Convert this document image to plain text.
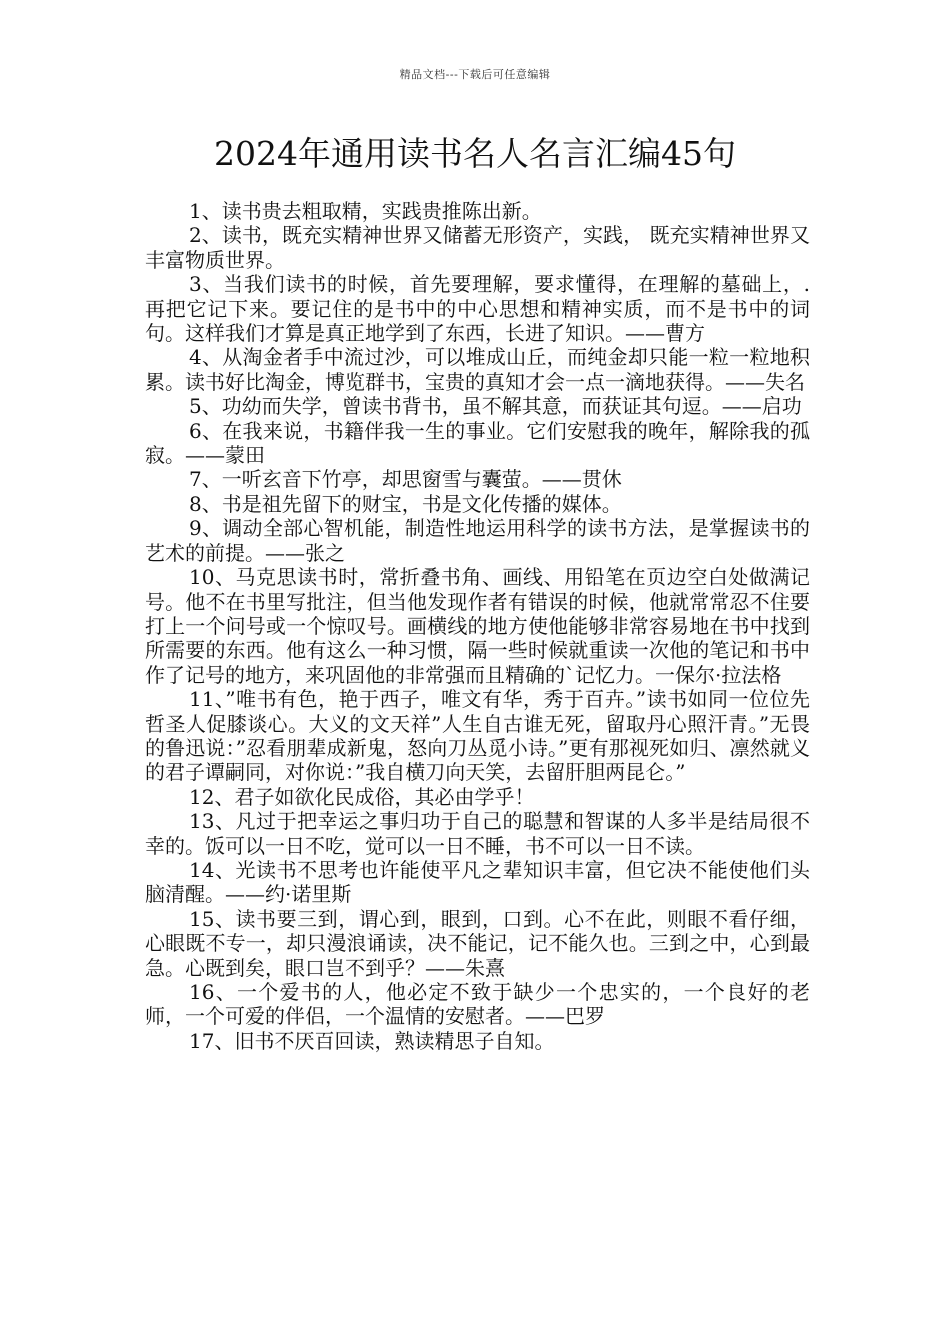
精品文档---下载后可任意编辑
2024年通用读书名人名言汇编45句

1、读书贵去粗取精，实践贵推陈出新。

2、读书，既充实精神世界又储蓄无形资产，实践， 既充实精神世界又丰富物质世界。

3、当我们读书的时候，首先要理解，要求懂得，在理解的墓础上，. 再把它记下来。要记住的是书中的中心思想和精神实质，而不是书中的词句。这样我们才算是真正地学到了东西，长进了知识。——曹方

4、从淘金者手中流过沙，可以堆成山丘，而纯金却只能一粒一粒地积累。读书好比淘金，博览群书，宝贵的真知才会一点一滴地获得。——失名

5、功幼而失学，曾读书背书，虽不解其意，而获证其句逗。——启功

6、在我来说，书籍伴我一生的事业。它们安慰我的晚年，解除我的孤寂。——蒙田

7、一听玄音下竹亭，却思窗雪与囊萤。——贯休

8、书是祖先留下的财宝，书是文化传播的媒体。

9、调动全部心智机能，制造性地运用科学的读书方法，是掌握读书的艺术的前提。——张之

10、马克思读书时，常折叠书角、画线、用铅笔在页边空白处做满记号。他不在书里写批注，但当他发现作者有错误的时候，他就常常忍不住要打上一个问号或一个惊叹号。画横线的地方使他能够非常容易地在书中找到所需要的东西。他有这么一种习惯，隔一些时候就重读一次他的笔记和书中作了记号的地方，来巩固他的非常强而且精确的`记忆力。一保尔·拉法格

11、”唯书有色，艳于西子，唯文有华，秀于百卉。”读书如同一位位先哲圣人促膝谈心。大义的文天祥”人生自古谁无死，留取丹心照汗青。”无畏的鲁迅说：”忍看朋辈成新鬼，怒向刀丛觅小诗。”更有那视死如归、凛然就义的君子谭嗣同，对你说：”我自横刀向天笑，去留肝胆两昆仑。”

12、君子如欲化民成俗，其必由学乎！

13、凡过于把幸运之事归功于自己的聪慧和智谋的人多半是结局很不幸的。饭可以一日不吃，觉可以一日不睡，书不可以一日不读。

14、光读书不思考也许能使平凡之辈知识丰富，但它决不能使他们头脑清醒。——约·诺里斯

15、读书要三到，谓心到，眼到，口到。心不在此，则眼不看仔细，心眼既不专一，却只漫浪诵读，决不能记，记不能久也。三到之中，心到最急。心既到矣，眼口岂不到乎？——朱熹

16、一个爱书的人，他必定不致于缺少一个忠实的，一个良好的老师，一个可爱的伴侣，一个温情的安慰者。——巴罗

17、旧书不厌百回读，熟读精思子自知。
